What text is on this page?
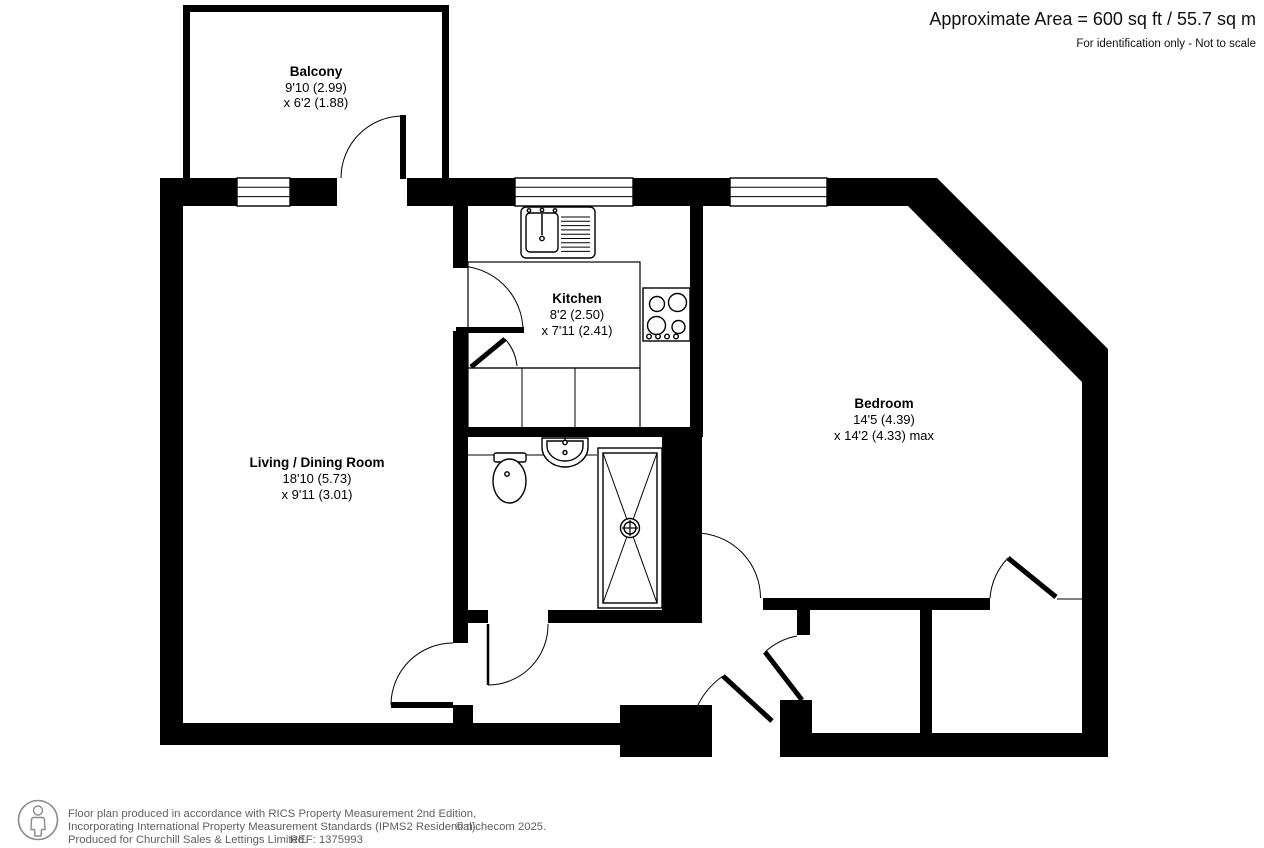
Balcony
9'10 (2.99)
x 6'2 (1.88)
Kitchen
8'2 (2.50)
x 7'11 (2.41)
Living / Dining Room
18'10 (5.73)
x 9'11 (3.01)
Bedroom
14'5 (4.39)
x 14'2 (4.33) max
Approximate Area = 600 sq ft / 55.7 sq m
For identification only - Not to scale
Floor plan produced in accordance with RICS Property Measurement 2nd Edition,
Incorporating International Property Measurement Standards (IPMS2 Residential).
© nichecom 2025.
Produced for Churchill Sales & Lettings Limited.
REF: 1375993
